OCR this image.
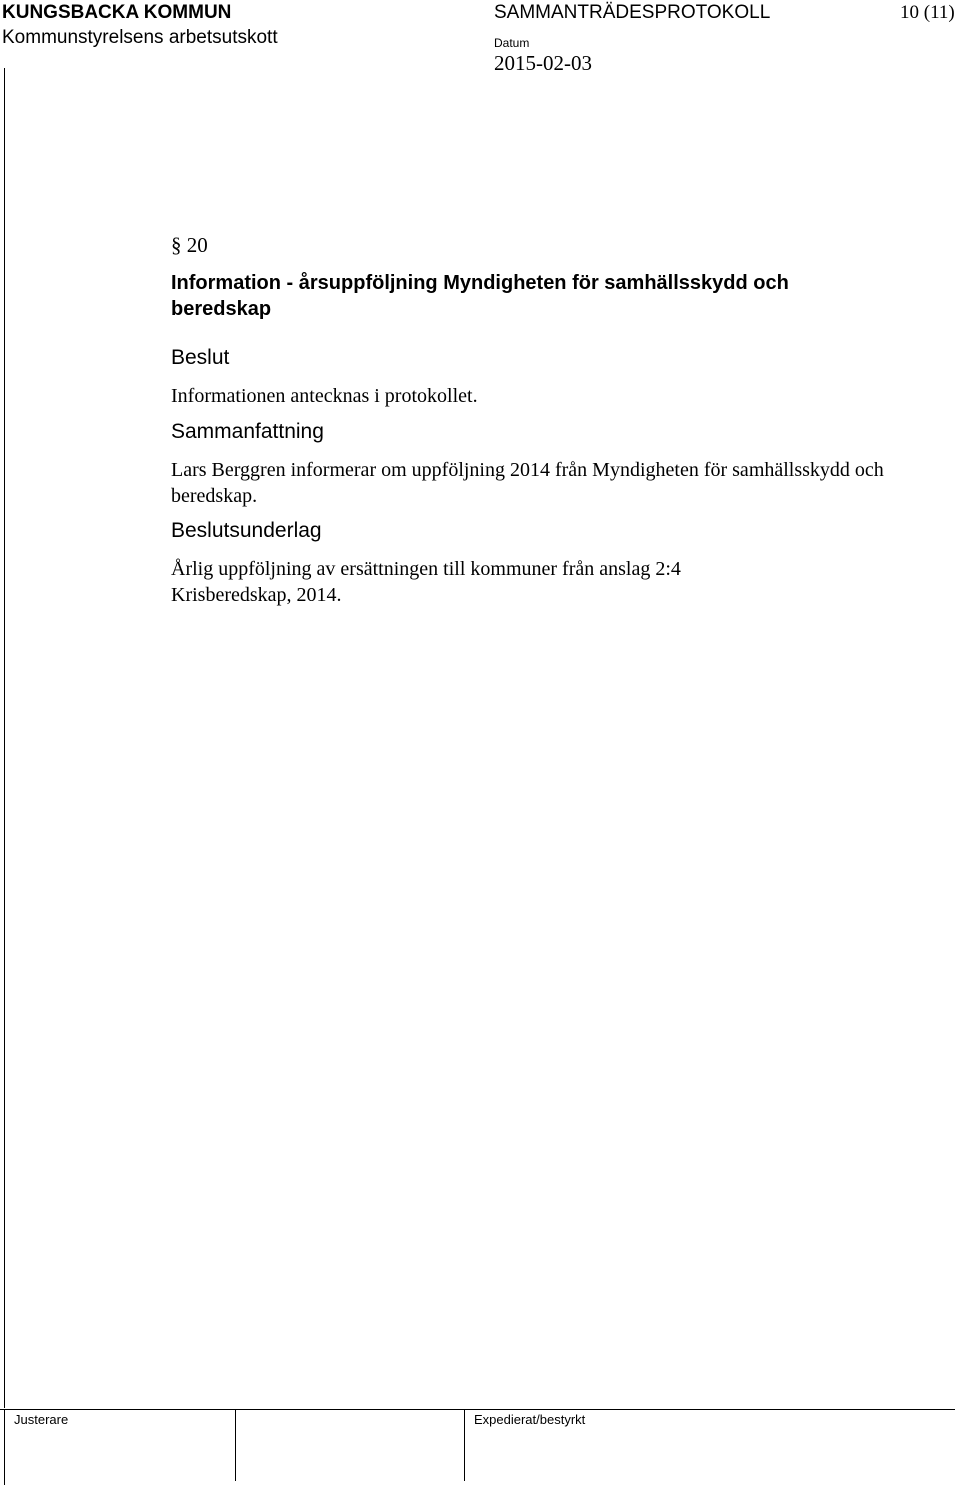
KUNGSBACKA KOMMUN
Kommunstyrelsens arbetsutskott
SAMMANTRÄDESPROTOKOLL	10 (11)
Datum
2015-02-03
§ 20
Information - årsuppföljning Myndigheten för samhällsskydd och beredskap
Beslut
Informationen antecknas i protokollet.
Sammanfattning
Lars Berggren informerar om uppföljning 2014 från Myndigheten för samhällsskydd och beredskap.
Beslutsunderlag
Årlig uppföljning av ersättningen till kommuner från anslag 2:4 Krisberedskap, 2014.
Justerare	Expedierat/bestyrkt
